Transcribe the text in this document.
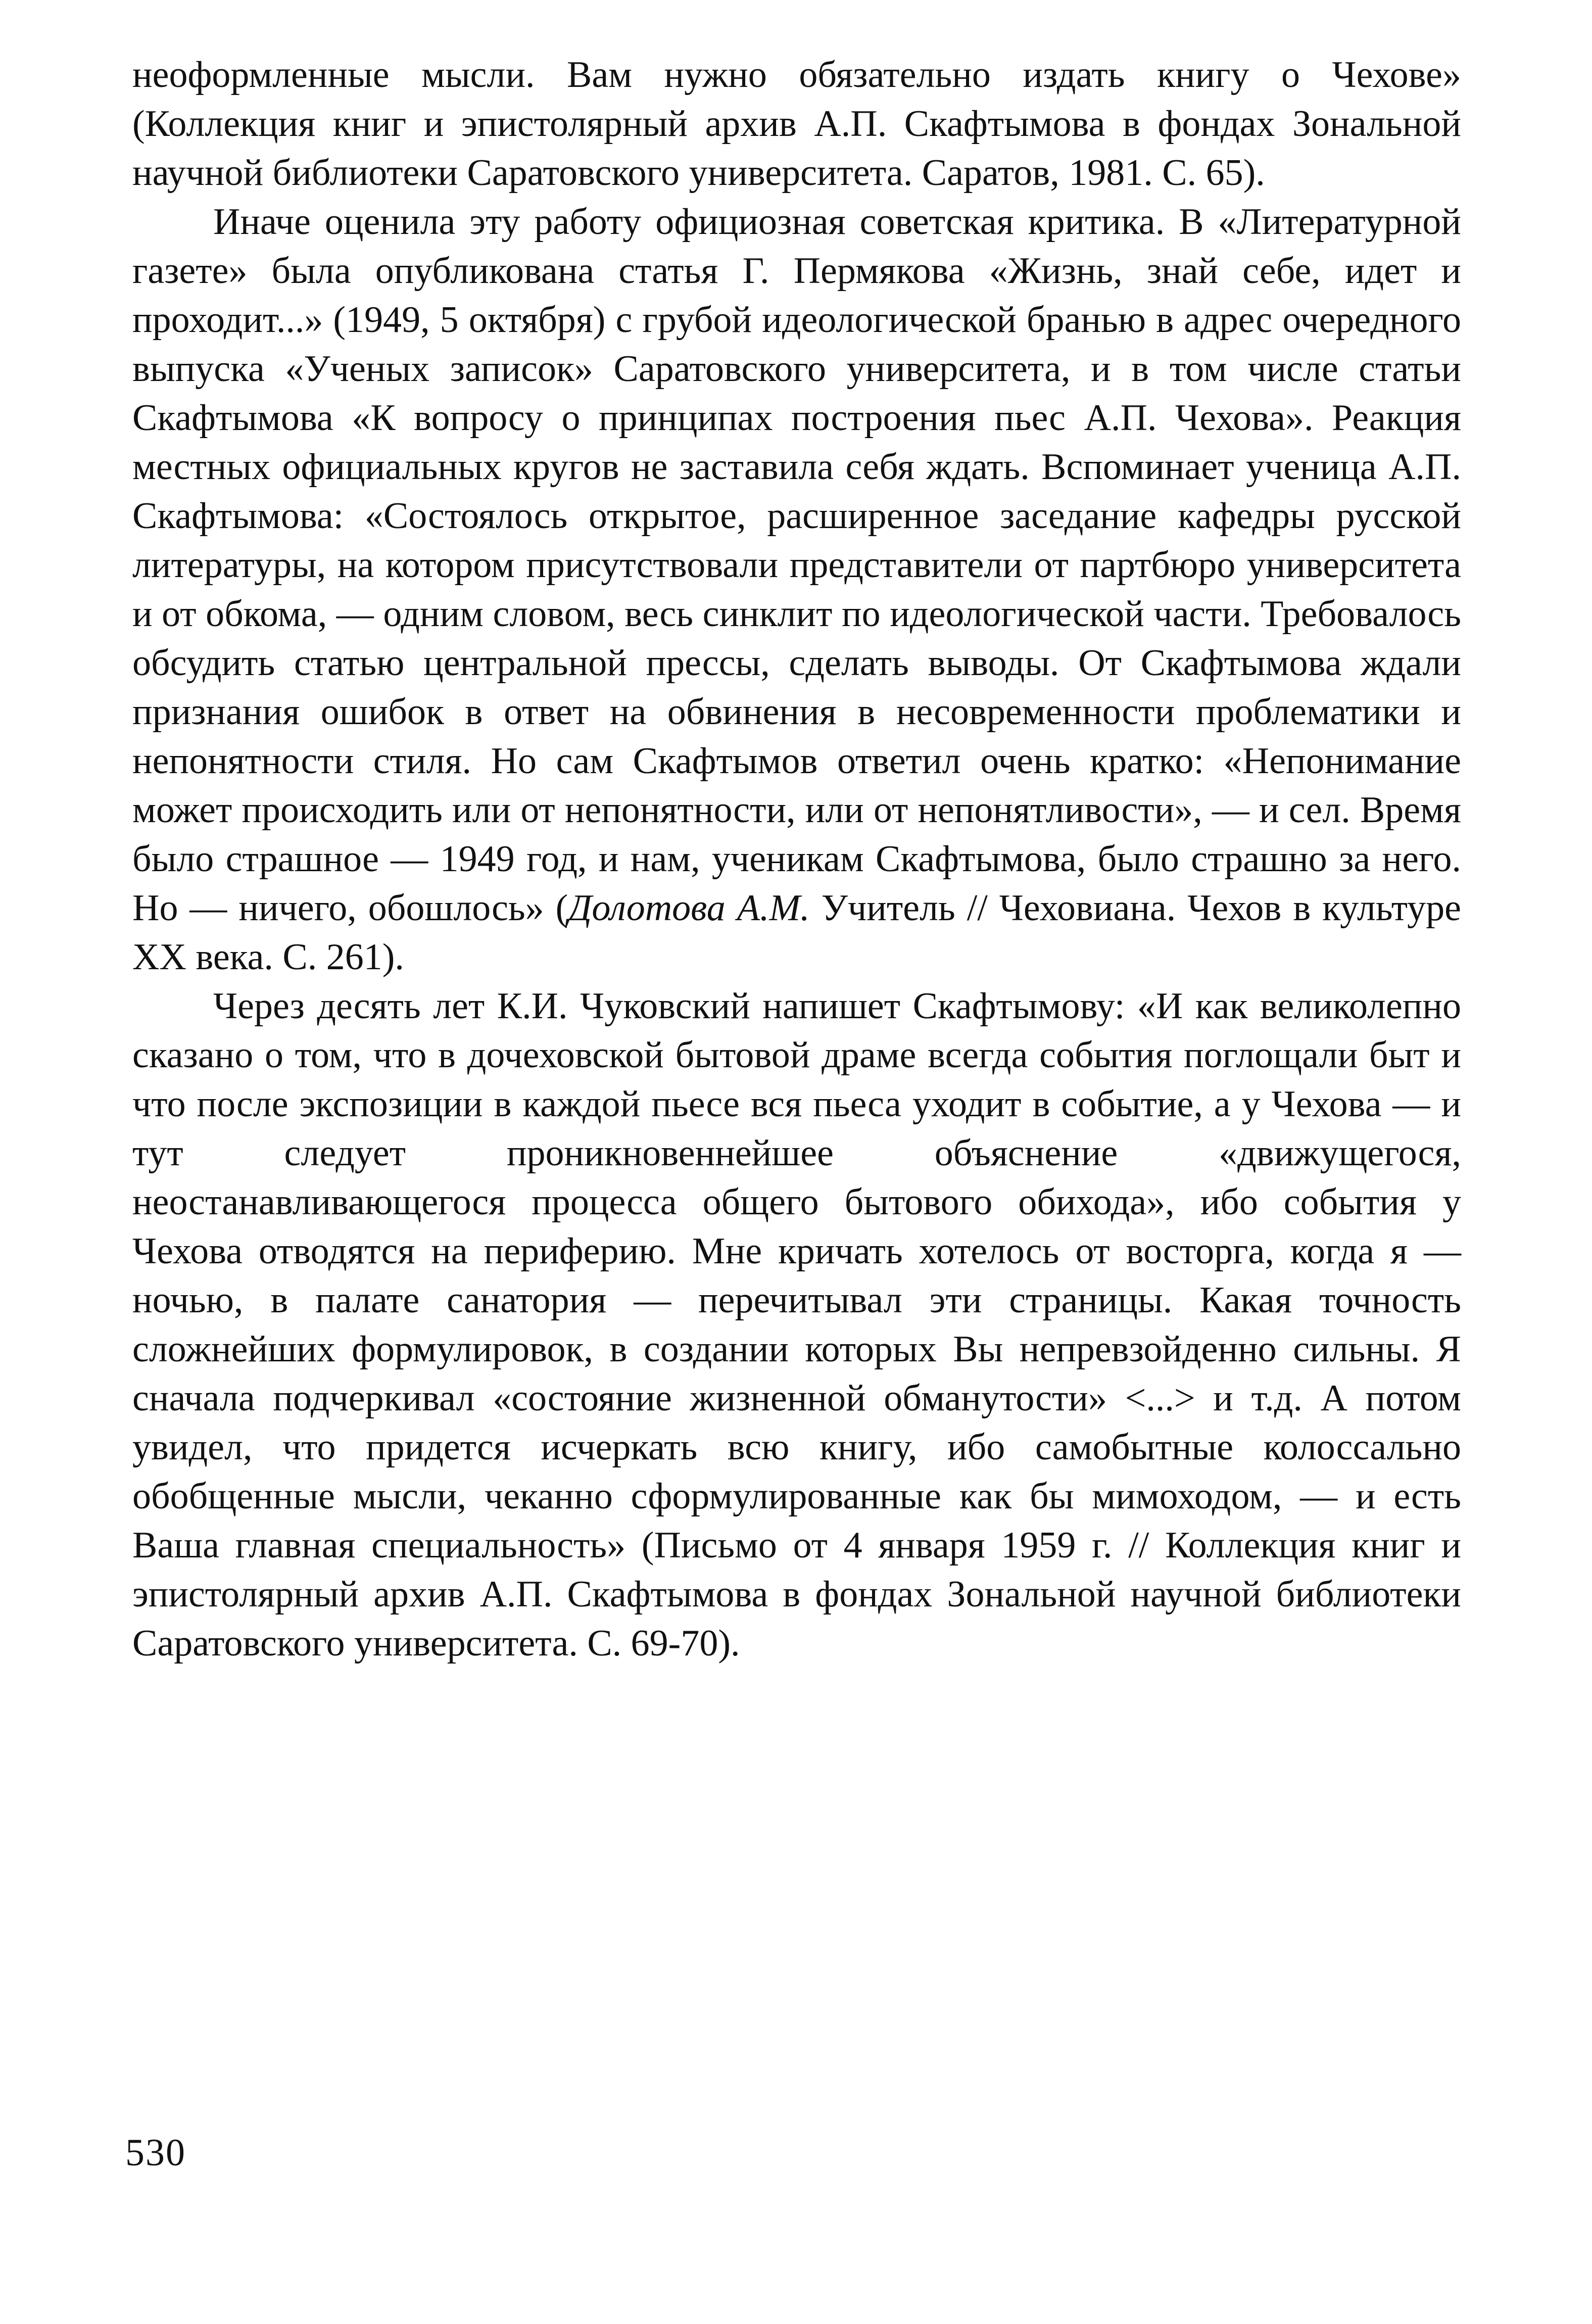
неоформленные мысли. Вам нужно обязательно издать книгу о Чехове» (Коллекция книг и эпистолярный архив А.П. Скафтымова в фондах Зональной научной библиотеки Саратовского университета. Саратов, 1981. С. 65).

Иначе оценила эту работу официозная советская критика. В «Литературной газете» была опубликована статья Г. Пермякова «Жизнь, знай себе, идет и проходит...» (1949, 5 октября) с грубой идеологической бранью в адрес очередного выпуска «Ученых записок» Саратовского университета, и в том числе статьи Скафтымова «К вопросу о принципах построения пьес А.П. Чехова». Реакция местных официальных кругов не заставила себя ждать. Вспоминает ученица А.П. Скафтымова: «Состоялось открытое, расширенное заседание кафедры русской литературы, на котором присутствовали представители от партбюро университета и от обкома, — одним словом, весь синклит по идеологической части. Требовалось обсудить статью центральной прессы, сделать выводы. От Скафтымова ждали признания ошибок в ответ на обвинения в несовременности проблематики и непонятности стиля. Но сам Скафтымов ответил очень кратко: «Непонимание может происходить или от непонятности, или от непонятливости», — и сел. Время было страшное — 1949 год, и нам, ученикам Скафтымова, было страшно за него. Но — ничего, обошлось» (Долотова А.М. Учитель // Чеховиана. Чехов в культуре XX века. С. 261).

Через десять лет К.И. Чуковский напишет Скафтымову: «И как великолепно сказано о том, что в дочеховской бытовой драме всегда события поглощали быт и что после экспозиции в каждой пьесе вся пьеса уходит в событие, а у Чехова — и тут следует проникновеннейшее объяснение «движущегося, неостанавливающегося процесса общего бытового обихода», ибо события у Чехова отводятся на периферию. Мне кричать хотелось от восторга, когда я — ночью, в палате санатория — перечитывал эти страницы. Какая точность сложнейших формулировок, в создании которых Вы непревзойденно сильны. Я сначала подчеркивал «состояние жизненной обманутости» <...> и т.д. А потом увидел, что придется исчеркать всю книгу, ибо самобытные колоссально обобщенные мысли, чеканно сформулированные как бы мимоходом, — и есть Ваша главная специальность» (Письмо от 4 января 1959 г. // Коллекция книг и эпистолярный архив А.П. Скафтымова в фондах Зональной научной библиотеки Саратовского университета. С. 69-70).

530
